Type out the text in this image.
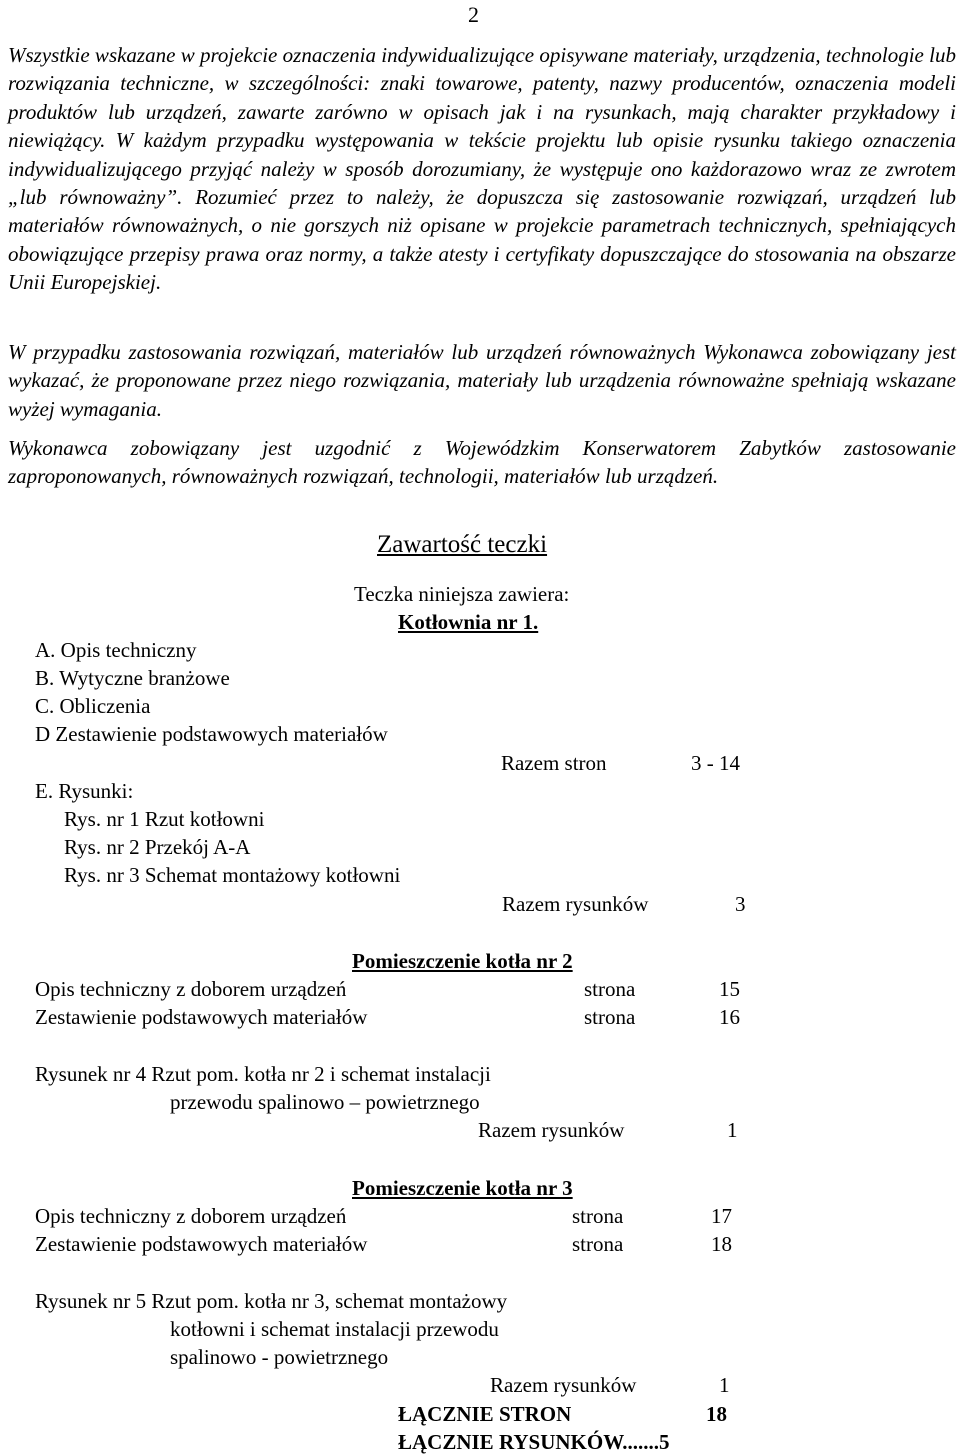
2

Wszystkie wskazane w projekcie oznaczenia indywidualizujące opisywane materiały, urządzenia, technologie lub rozwiązania techniczne, w szczególności: znaki towarowe, patenty, nazwy producentów, oznaczenia modeli produktów lub urządzeń, zawarte zarówno w opisach jak i na rysunkach, mają charakter przykładowy i niewiążący. W każdym przypadku występowania w tekście projektu lub opisie rysunku takiego oznaczenia indywidualizującego przyjąć należy w sposób dorozumiany, że występuje ono każdorazowo wraz ze zwrotem „lub równoważny”. Rozumieć przez to należy, że dopuszcza się zastosowanie rozwiązań, urządzeń lub materiałów równoważnych, o nie gorszych niż opisane w projekcie parametrach technicznych, spełniających obowiązujące przepisy prawa oraz normy, a także atesty i certyfikaty dopuszczające do stosowania na obszarze Unii Europejskiej.

W przypadku zastosowania rozwiązań, materiałów lub urządzeń równoważnych Wykonawca zobowiązany jest wykazać, że proponowane przez niego rozwiązania, materiały lub urządzenia równoważne spełniają wskazane wyżej wymagania.

Wykonawca zobowiązany jest uzgodnić z Wojewódzkim Konserwatorem Zabytków zastosowanie zaproponowanych, równoważnych rozwiązań, technologii, materiałów lub urządzeń.

Zawartość teczki
Teczka niniejsza zawiera:
Kotłownia nr 1.
A. Opis techniczny
B. Wytyczne branżowe
C. Obliczenia
D Zestawienie podstawowych materiałów
Razem stron	3 - 14
E. Rysunki:
Rys. nr 1 Rzut kotłowni
Rys. nr 2 Przekój A-A
Rys. nr 3 Schemat montażowy kotłowni
Razem rysunków	3
Pomieszczenie kotła nr 2
Opis techniczny z doborem urządzeń	strona	15
Zestawienie podstawowych materiałów	strona	16
Rysunek nr 4 Rzut pom. kotła nr 2 i schemat instalacji
przewodu spalinowo – powietrznego
Razem rysunków	1
Pomieszczenie kotła nr 3
Opis techniczny z doborem urządzeń	strona	17
Zestawienie podstawowych materiałów	strona	18
Rysunek nr 5 Rzut pom. kotła nr 3, schemat montażowy
kotłowni i schemat instalacji przewodu
spalinowo - powietrznego
Razem rysunków	1
ŁĄCZNIE STRON	18
ŁĄCZNIE RYSUNKÓW.......5
